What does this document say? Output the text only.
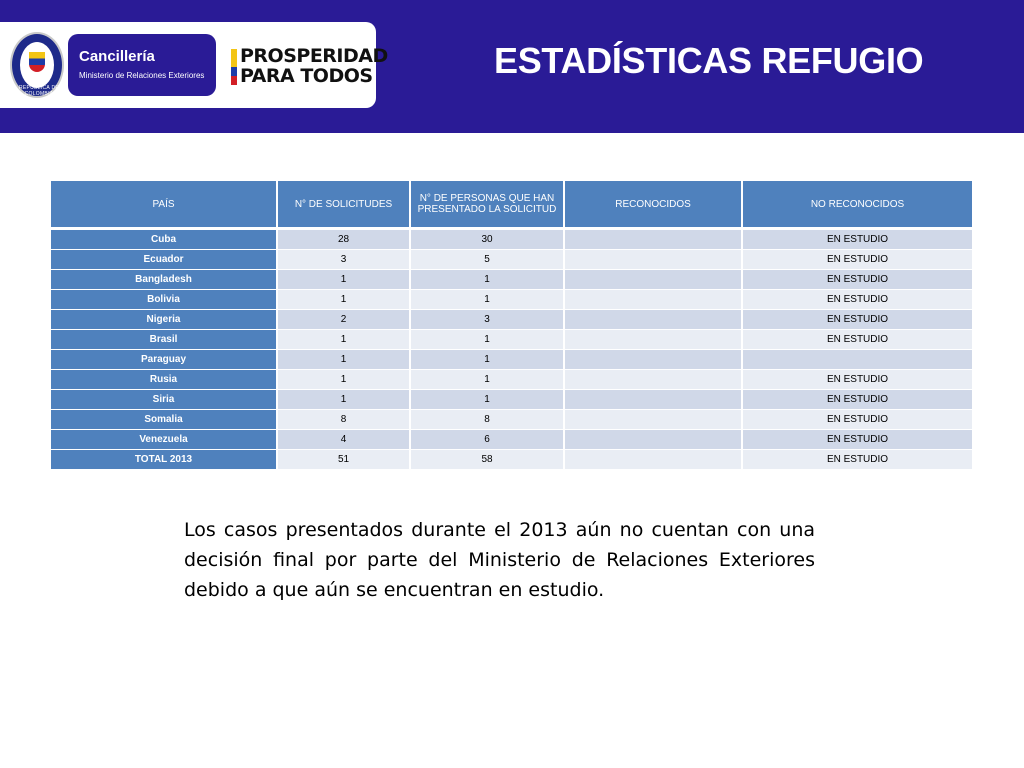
REPÚBLICA DE COLOMBIA
Cancillería
Ministerio de Relaciones Exteriores
PROSPERIDAD
PARA TODOS	ESTADÍSTICAS REFUGIO
PAÍS	N° DE SOLICITUDES	N° DE PERSONAS QUE HAN PRESENTADO LA SOLICITUD	RECONOCIDOS	NO RECONOCIDOS
Cuba	28	30		EN ESTUDIO
Ecuador	3	5		EN ESTUDIO
Bangladesh	1	1		EN ESTUDIO
Bolivia	1	1		EN ESTUDIO
Nigeria	2	3		EN ESTUDIO
Brasil	1	1		EN ESTUDIO
Paraguay	1	1		
Rusia	1	1		EN ESTUDIO
Siria	1	1		EN ESTUDIO
Somalia	8	8		EN ESTUDIO
Venezuela	4	6		EN ESTUDIO
TOTAL 2013	51	58		EN ESTUDIO
Los casos presentados durante el 2013 aún no cuentan con una decisión final por parte del Ministerio de Relaciones Exteriores debido a que aún se encuentran en estudio.
